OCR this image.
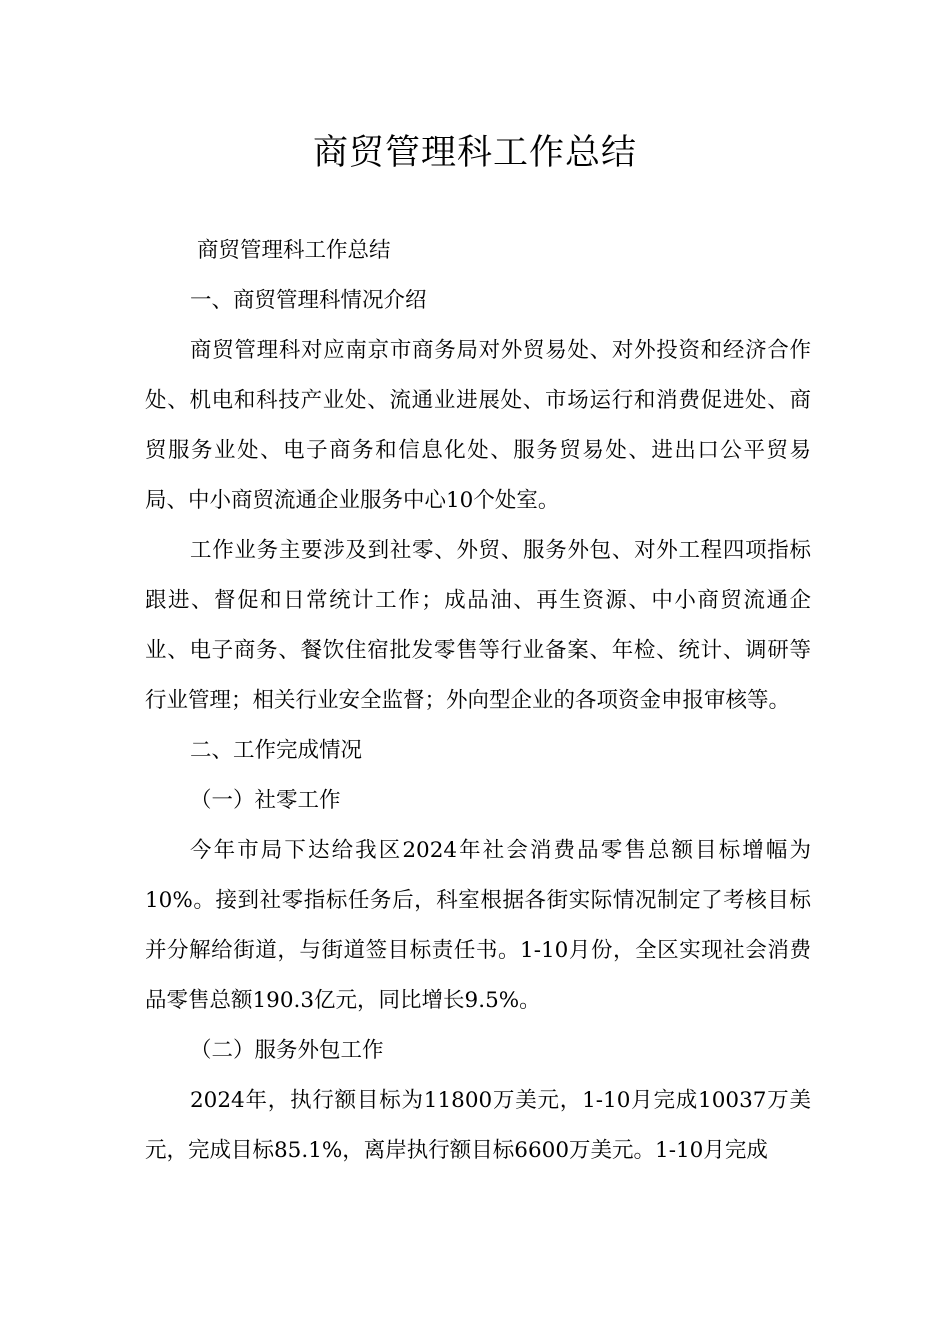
商贸管理科工作总结

商贸管理科工作总结

一、商贸管理科情况介绍

商贸管理科对应南京市商务局对外贸易处、对外投资和经济合作处、机电和科技产业处、流通业进展处、市场运行和消费促进处、商贸服务业处、电子商务和信息化处、服务贸易处、进出口公平贸易局、中小商贸流通企业服务中心10个处室。

工作业务主要涉及到社零、外贸、服务外包、对外工程四项指标跟进、督促和日常统计工作；成品油、再生资源、中小商贸流通企业、电子商务、餐饮住宿批发零售等行业备案、年检、统计、调研等行业管理；相关行业安全监督；外向型企业的各项资金申报审核等。

二、工作完成情况

（一）社零工作

今年市局下达给我区2024年社会消费品零售总额目标增幅为10%。接到社零指标任务后，科室根据各街实际情况制定了考核目标并分解给街道，与街道签目标责任书。1-10月份，全区实现社会消费品零售总额190.3亿元，同比增长9.5%。

（二）服务外包工作

2024年，执行额目标为11800万美元，1-10月完成10037万美元，完成目标85.1%，离岸执行额目标6600万美元。1-10月完成
